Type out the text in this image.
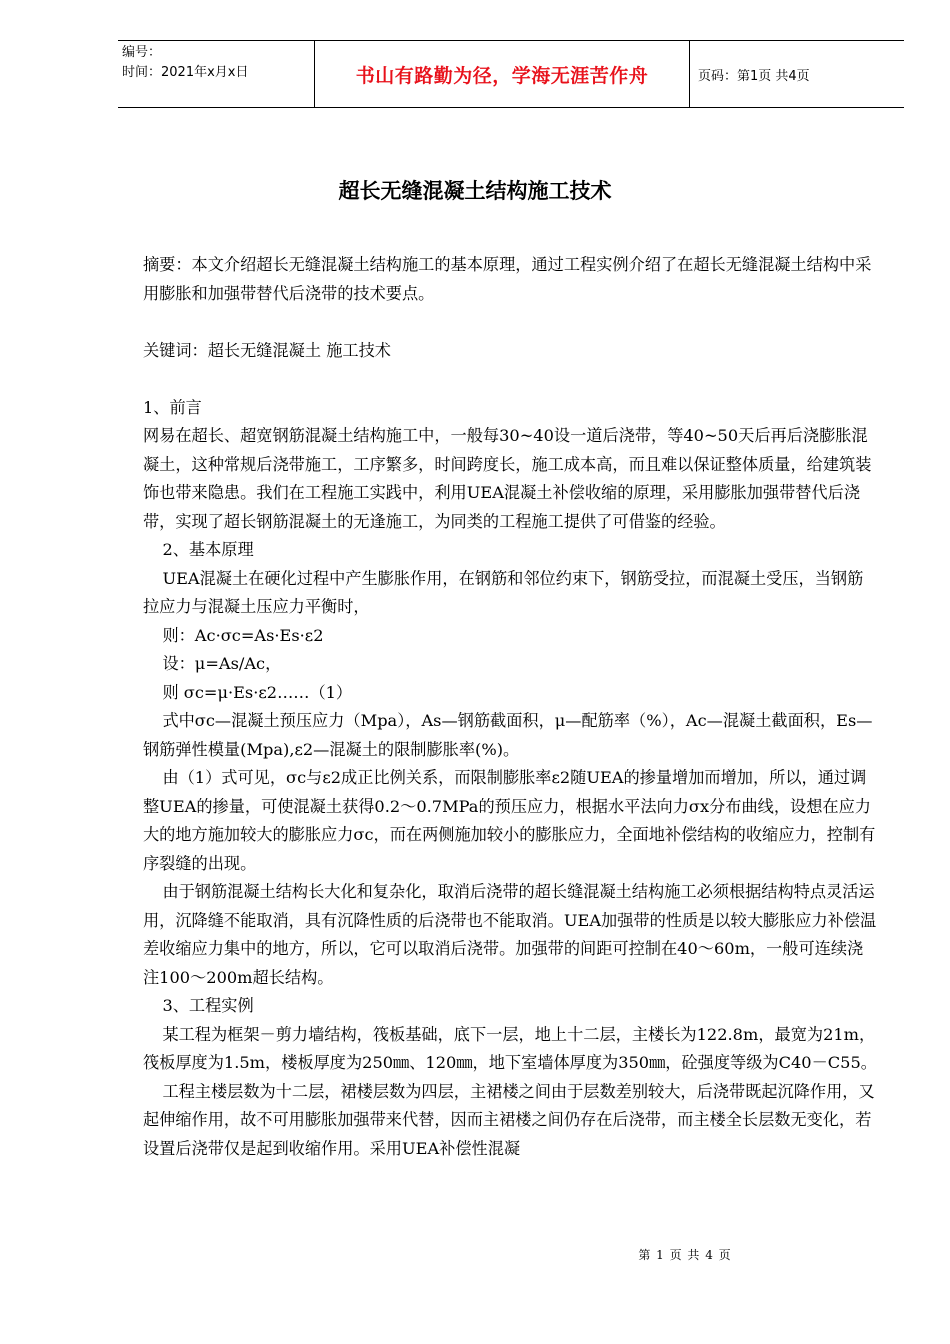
编号：
时间：2021年x月x日	书山有路勤为径，学海无涯苦作舟	页码：第1页 共4页
超长无缝混凝土结构施工技术

摘要：本文介绍超长无缝混凝土结构施工的基本原理，通过工程实例介绍了在超长无缝混凝土结构中采用膨胀和加强带替代后浇带的技术要点。

关键词：超长无缝混凝土 施工技术

1、前言

网易在超长、超宽钢筋混凝土结构施工中，一般每30~40设一道后浇带，等40~50天后再后浇膨胀混凝土，这种常规后浇带施工，工序繁多，时间跨度长，施工成本高，而且难以保证整体质量，给建筑装饰也带来隐患。我们在工程施工实践中，利用UEA混凝土补偿收缩的原理，采用膨胀加强带替代后浇带，实现了超长钢筋混凝土的无逢施工，为同类的工程施工提供了可借鉴的经验。

2、基本原理

UEA混凝土在硬化过程中产生膨胀作用，在钢筋和邻位约束下，钢筋受拉，而混凝土受压，当钢筋拉应力与混凝土压应力平衡时，

则：Ac·σc=As·Es·ε2

设：μ=As/Ac，

则 σc=μ·Es·ε2……（1）

式中σc—混凝土预压应力（Mpa），As—钢筋截面积，μ—配筋率（%），Ac—混凝土截面积，Es—钢筋弹性模量(Mpa),ε2—混凝土的限制膨胀率(%)。

由（1）式可见，σc与ε2成正比例关系，而限制膨胀率ε2随UEA的掺量增加而增加，所以，通过调整UEA的掺量，可使混凝土获得0.2～0.7MPa的预压应力，根据水平法向力σx分布曲线，设想在应力大的地方施加较大的膨胀应力σc，而在两侧施加较小的膨胀应力，全面地补偿结构的收缩应力，控制有序裂缝的出现。

由于钢筋混凝土结构长大化和复杂化，取消后浇带的超长缝混凝土结构施工必须根据结构特点灵活运用，沉降缝不能取消，具有沉降性质的后浇带也不能取消。UEA加强带的性质是以较大膨胀应力补偿温差收缩应力集中的地方，所以，它可以取消后浇带。加强带的间距可控制在40～60m，一般可连续浇注100～200m超长结构。

3、工程实例

某工程为框架－剪力墙结构，筏板基础，底下一层，地上十二层，主楼长为122.8m，最宽为21m，筏板厚度为1.5m，楼板厚度为250㎜、120㎜，地下室墙体厚度为350㎜，砼强度等级为C40－C55。

工程主楼层数为十二层，裙楼层数为四层，主裙楼之间由于层数差别较大，后浇带既起沉降作用，又起伸缩作用，故不可用膨胀加强带来代替，因而主裙楼之间仍存在后浇带，而主楼全长层数无变化，若设置后浇带仅是起到收缩作用。采用UEA补偿性混凝

第 1 页 共 4 页
